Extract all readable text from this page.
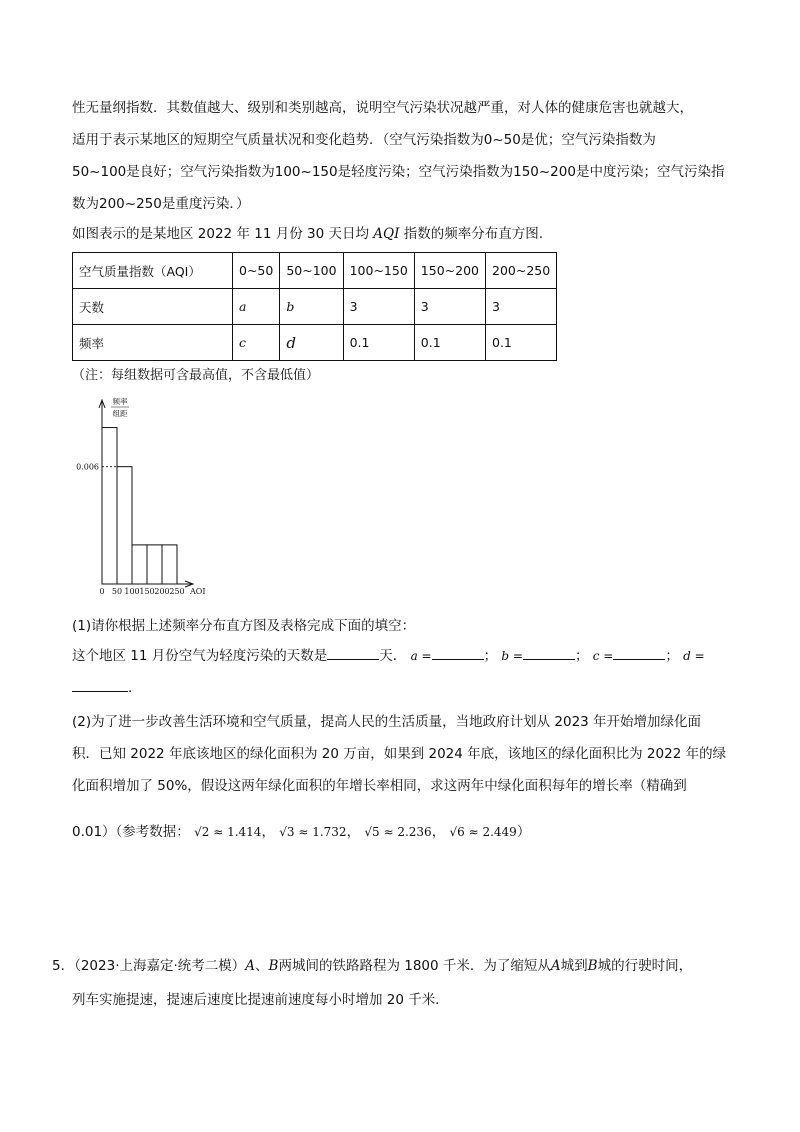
性无量纲指数．其数值越大、级别和类别越高，说明空气污染状况越严重，对人体的健康危害也就越大，

适用于表示某地区的短期空气质量状况和变化趋势．（空气污染指数为0~50是优；空气污染指数为

50~100是良好；空气污染指数为100~150是轻度污染；空气污染指数为150~200是中度污染；空气污染指

数为200~250是重度污染．）

如图表示的是某地区 2022 年 11 月份 30 天日均 AQI 指数的频率分布直方图.

空气质量指数（AQI）	0~50	50~100	100~150	150~200	200~250
天数	a	b	3	3	3
频率	c	d	0.1	0.1	0.1

（注：每组数据可含最高值，不含最低值）

0.006
0 50 100 150 200 250 AQI
频率
组距

(1)请你根据上述频率分布直方图及表格完成下面的填空：

这个地区 11 月份空气为轻度污染的天数是	天． a =	； b =	； c =	； d =

.

(2)为了进一步改善生活环境和空气质量，提高人民的生活质量，当地政府计划从 2023 年开始增加绿化面

积．已知 2022 年底该地区的绿化面积为 20 万亩，如果到 2024 年底，该地区的绿化面积比为 2022 年的绿

化面积增加了 50%，假设这两年绿化面积的年增长率相同，求这两年中绿化面积每年的增长率（精确到

0.01）（参考数据： √2 ≈ 1.414， √3 ≈ 1.732， √5 ≈ 2.236， √6 ≈ 2.449）

5．（2023·上海嘉定·统考二模）A、B两城间的铁路路程为 1800 千米．为了缩短从A城到B城的行驶时间，

列车实施提速，提速后速度比提速前速度每小时增加 20 千米．
